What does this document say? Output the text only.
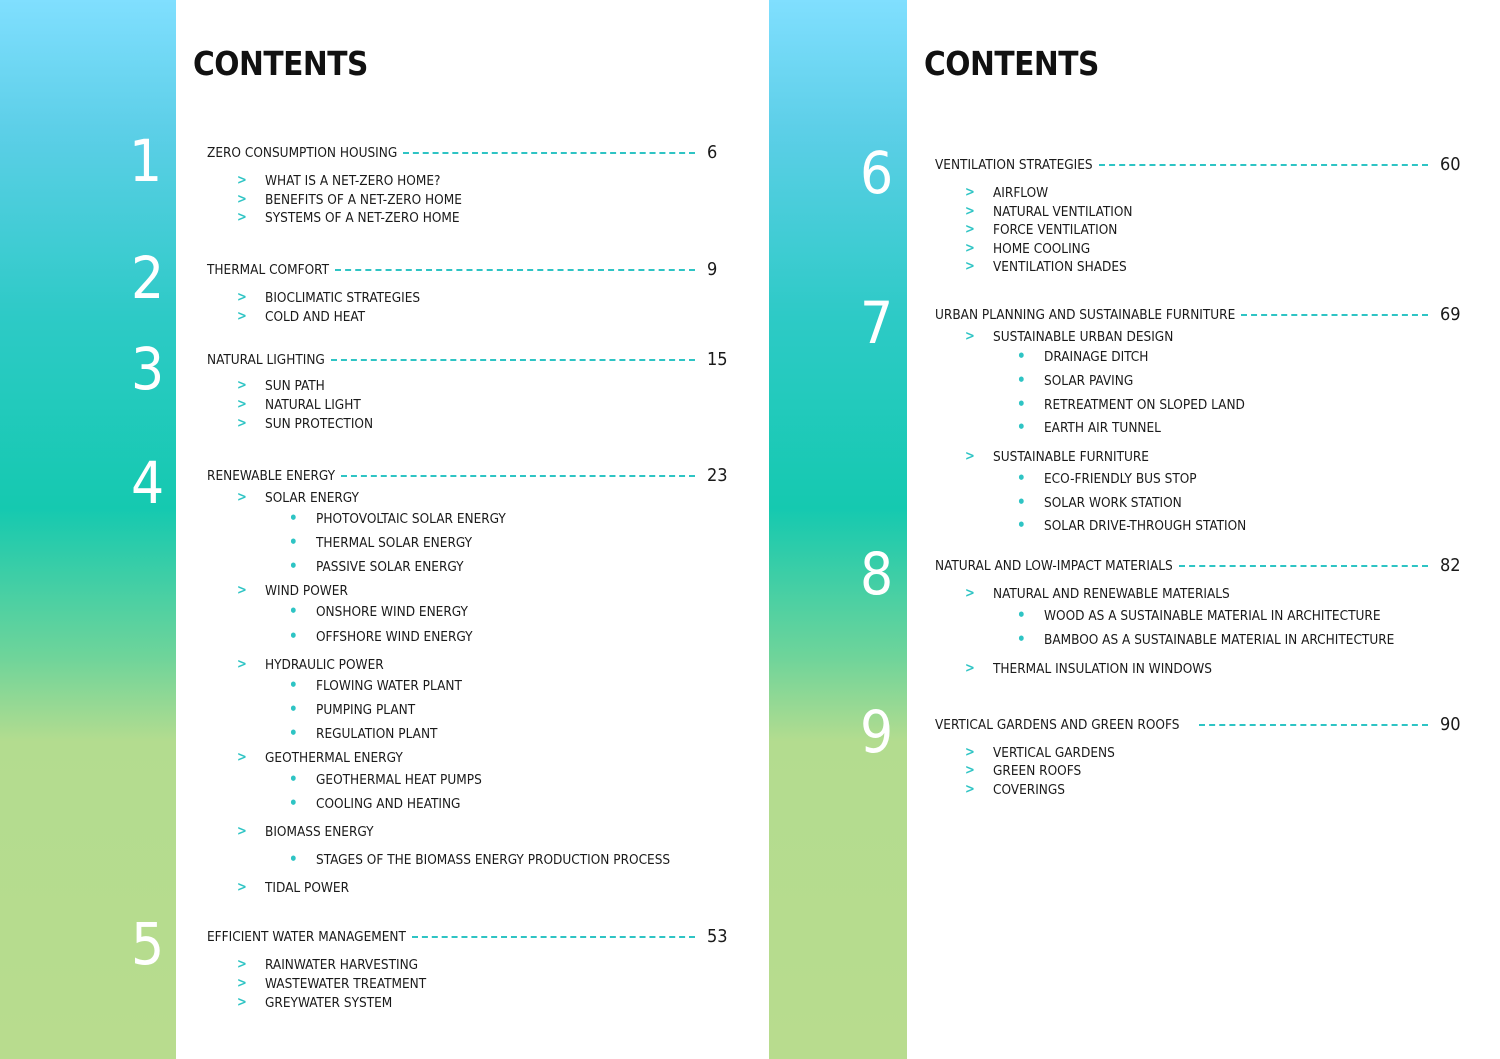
CONTENTS	CONTENTS
1	ZERO CONSUMPTION HOUSING	6
> WHAT IS A NET-ZERO HOME?
> BENEFITS OF A NET-ZERO HOME
> SYSTEMS OF A NET-ZERO HOME
2	THERMAL COMFORT	9
> BIOCLIMATIC STRATEGIES
> COLD AND HEAT
3	NATURAL LIGHTING	15
> SUN PATH
> NATURAL LIGHT
> SUN PROTECTION
4	RENEWABLE ENERGY	23
> SOLAR ENERGY
• PHOTOVOLTAIC SOLAR ENERGY
• THERMAL SOLAR ENERGY
• PASSIVE SOLAR ENERGY
> WIND POWER
• ONSHORE WIND ENERGY
• OFFSHORE WIND ENERGY
> HYDRAULIC POWER
• FLOWING WATER PLANT
• PUMPING PLANT
• REGULATION PLANT
> GEOTHERMAL ENERGY
• GEOTHERMAL HEAT PUMPS
• COOLING AND HEATING
> BIOMASS ENERGY
• STAGES OF THE BIOMASS ENERGY PRODUCTION PROCESS
> TIDAL POWER
5	EFFICIENT WATER MANAGEMENT	53
> RAINWATER HARVESTING
> WASTEWATER TREATMENT
> GREYWATER SYSTEM
6	VENTILATION STRATEGIES	60
> AIRFLOW
> NATURAL VENTILATION
> FORCE VENTILATION
> HOME COOLING
> VENTILATION SHADES
7	URBAN PLANNING AND SUSTAINABLE FURNITURE	69
> SUSTAINABLE URBAN DESIGN
• DRAINAGE DITCH
• SOLAR PAVING
• RETREATMENT ON SLOPED LAND
• EARTH AIR TUNNEL
> SUSTAINABLE FURNITURE
• ECO-FRIENDLY BUS STOP
• SOLAR WORK STATION
• SOLAR DRIVE-THROUGH STATION
8	NATURAL AND LOW-IMPACT MATERIALS	82
> NATURAL AND RENEWABLE MATERIALS
• WOOD AS A SUSTAINABLE MATERIAL IN ARCHITECTURE
• BAMBOO AS A SUSTAINABLE MATERIAL IN ARCHITECTURE
> THERMAL INSULATION IN WINDOWS
9	VERTICAL GARDENS AND GREEN ROOFS	90
> VERTICAL GARDENS
> GREEN ROOFS
> COVERINGS
